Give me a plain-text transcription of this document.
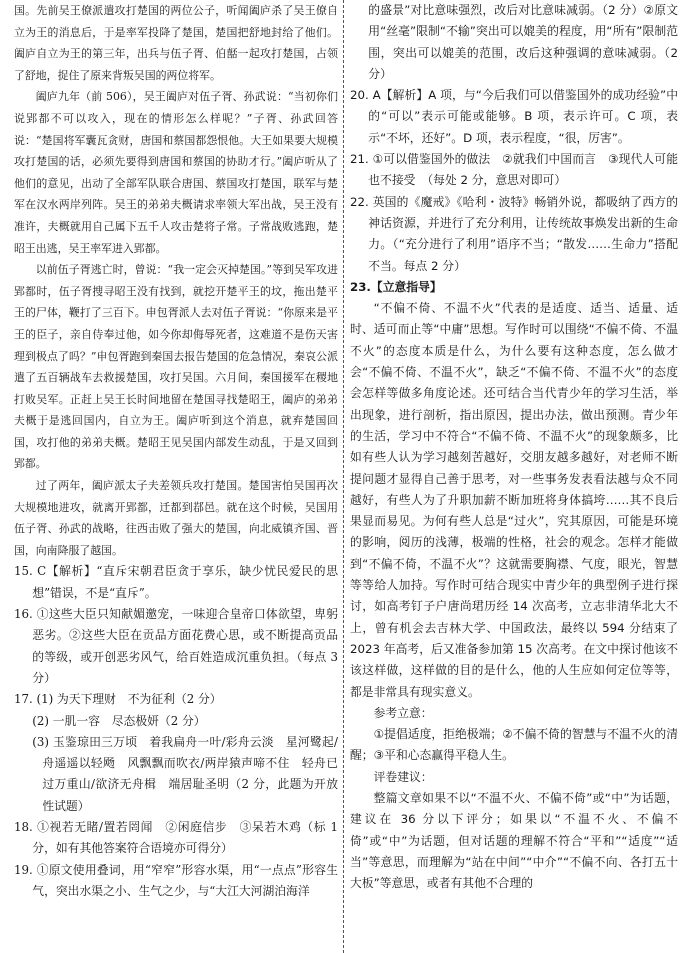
国。先前吴王僚派遣攻打楚国的两位公子，听闻阖庐杀了吴王僚自立为王的消息后，于是率军投降了楚国，楚国把舒地封给了他们。阖庐自立为王的第三年，出兵与伍子胥、伯嚭一起攻打楚国，占领了舒地，捉住了原来背叛吴国的两位将军。

阖庐九年（前 506），吴王阖庐对伍子胥、孙武说：“当初你们说郢都不可以攻入，现在的情形怎么样呢？”子胥、孙武回答说：“楚国将军囊瓦贪财，唐国和蔡国都怨恨他。大王如果要大规模攻打楚国的话，必须先要得到唐国和蔡国的协助才行。”阖庐听从了他们的意见，出动了全部军队联合唐国、蔡国攻打楚国，联军与楚军在汉水两岸列阵。吴王的弟弟夫概请求率领大军出战，吴王没有准许，夫概就用自己属下五千人攻击楚将子常。子常战败逃跑，楚昭王出逃，吴王率军进入郢都。

以前伍子胥逃亡时，曾说：“我一定会灭掉楚国。”等到吴军攻进郢都时，伍子胥搜寻昭王没有找到，就挖开楚平王的坟，拖出楚平王的尸体，鞭打了三百下。申包胥派人去对伍子胥说：“你原来是平王的臣子，亲自侍奉过他，如今你却侮辱死者，这难道不是伤天害理到极点了吗？”申包胥跑到秦国去报告楚国的危急情况，秦哀公派遣了五百辆战车去救援楚国，攻打吴国。六月间，秦国援军在稷地打败吴军。正赶上吴王长时间地留在楚国寻找楚昭王，阖庐的弟弟夫概于是逃回国内，自立为王。阖庐听到这个消息，就弃楚国回国，攻打他的弟弟夫概。楚昭王见吴国内部发生动乱，于是又回到郢都。

过了两年，阖庐派太子夫差领兵攻打楚国。楚国害怕吴国再次大规模地进攻，就离开郢都，迁都到鄀邑。就在这个时候，吴国用伍子胥、孙武的战略，往西击败了强大的楚国，向北威镇齐国、晋国，向南降服了越国。

15. C【解析】“直斥宋朝君臣贪于享乐，缺少忧民爱民的思想”错误，不是“直斥”。

16. ①这些大臣只知献媚邀宠，一味迎合皇帝口体欲望，卑躬恶劣。②这些大臣在贡品方面花费心思，或不断提高贡品的等级，或开创恶劣风气，给百姓造成沉重负担。（每点 3 分）

17. (1) 为天下理财　不为征利（2 分）

(2) 一肌一容　尽态极妍（2 分）

(3) 玉鉴琼田三万顷　着我扁舟一叶/彩舟云淡　星河鹭起/舟遥遥以轻飏　风飘飘而吹衣/两岸猿声啼不住　轻舟已过万重山/欲济无舟楫　端居耻圣明（2 分，此题为开放性试题）

18. ①视若无睹/置若罔闻　②闲庭信步　③呆若木鸡（标 1 分，如有其他答案符合语境亦可得分）

19. ①原文使用叠词，用“窄窄”形容水渠，用“一点点”形容生气，突出水渠之小、生气之少，与“大江大河湖泊海洋

的盛景”对比意味强烈，改后对比意味减弱。（2 分）②原文用“丝毫”限制“不输”突出可以媲美的程度，用“所有”限制范围，突出可以媲美的范围，改后这种强调的意味减弱。（2 分）

20. A【解析】A 项，与“今后我们可以借鉴国外的成功经验”中的“可以”表示可能或能够。B 项，表示许可。C 项，表示“不坏，还好”。D 项，表示程度，“很，厉害”。

21. ①可以借鉴国外的做法　②就我们中国而言　③现代人可能也不接受　（每处 2 分，意思对即可）

22. 英国的《魔戒》《哈利・波特》畅销外说，都吸纳了西方的神话资源，并进行了充分利用，让传统故事焕发出新的生命力。（“充分进行了利用”语序不当；“散发……生命力”搭配不当。每点 2 分）

23.【立意指导】

“不偏不倚、不温不火”代表的是适度、适当、适量、适时、适可而止等“中庸”思想。写作时可以围绕“不偏不倚、不温不火”的态度本质是什么，为什么要有这种态度，怎么做才会“不偏不倚、不温不火”，缺乏“不偏不倚、不温不火”的态度会怎样等做多角度论述。还可结合当代青少年的学习生活，举出现象，进行剖析，指出原因，提出办法，做出预测。青少年的生活，学习中不符合“不偏不倚、不温不火”的现象颇多，比如有些人认为学习越刻苦越好，交朋友越多越好，对老师不断提问题才显得自己善于思考，对一些事务发表看法越与众不同越好，有些人为了升职加薪不断加班将身体搞垮……其不良后果显而易见。为何有些人总是“过火”，究其原因，可能是环境的影响，阅历的浅薄，极端的性格，社会的观念。怎样才能做到“不偏不倚，不温不火”？这就需要胸襟、气度，眼光，智慧等等给人加持。写作时可结合现实中青少年的典型例子进行探讨，如高考钉子户唐尚珺历经 14 次高考，立志非清华北大不上，曾有机会去吉林大学、中国政法，最终以 594 分结束了 2023 年高考，后又准备参加第 15 次高考。在文中探讨他该不该这样做，这样做的目的是什么，他的人生应如何定位等等，都是非常具有现实意义。

参考立意：

①提倡适度，拒绝极端；②不偏不倚的智慧与不温不火的清醒；③平和心态赢得平稳人生。

评卷建议：

整篇文章如果不以“不温不火、不偏不倚”或“中”为话题，建议在 36 分以下评分；如果以“不温不火、不偏不倚”或“中”为话题，但对话题的理解不符合“平和”“适度”“适当”等意思，而理解为“站在中间”“中介”“不偏不向、各打五十大板”等意思，或者有其他不合理的
